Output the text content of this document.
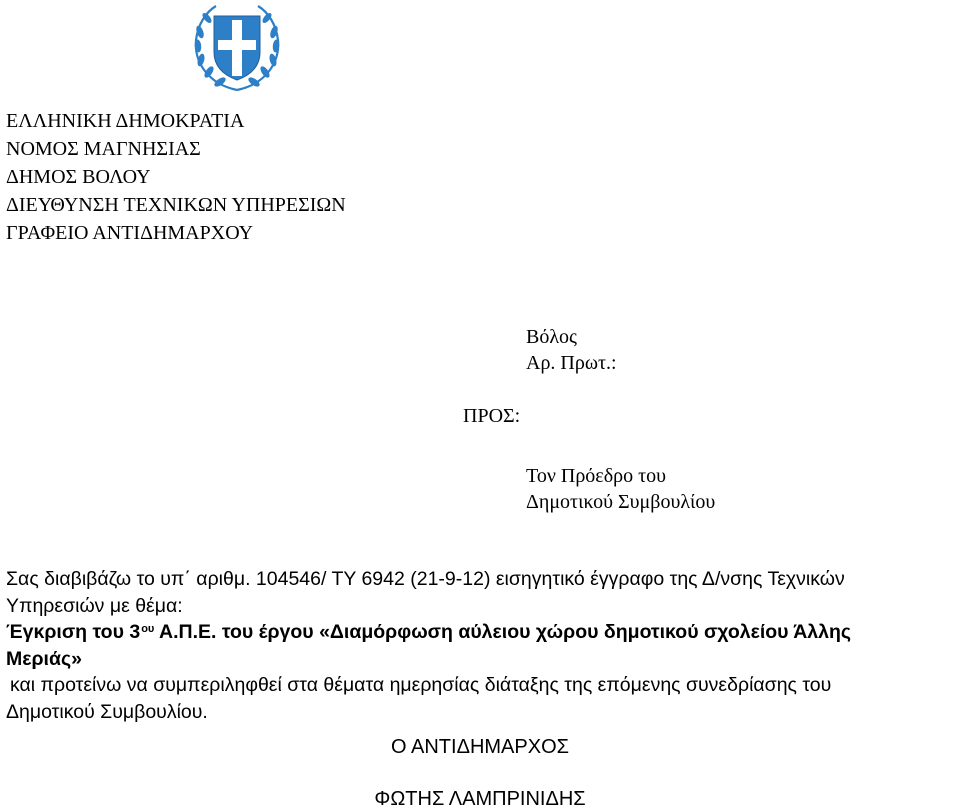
ΕΛΛΗΝΙΚΗ ΔΗΜΟΚΡΑΤΙΑ
ΝΟΜΟΣ ΜΑΓΝΗΣΙΑΣ
ΔΗΜΟΣ ΒΟΛΟΥ
ΔΙΕΥΘΥΝΣΗ ΤΕΧΝΙΚΩΝ ΥΠΗΡΕΣΙΩΝ
ΓΡΑΦΕΙΟ ΑΝΤΙΔΗΜΑΡΧΟΥ
Βόλος
Αρ. Πρωτ.:
ΠΡΟΣ:
Τον Πρόεδρο του
Δημοτικού Συμβουλίου
Σας διαβιβάζω το υπ΄ αριθμ. 104546/ ΤΥ 6942 (21-9-12) εισηγητικό έγγραφο της Δ/νσης Τεχνικών
Υπηρεσιών με θέμα:
Έγκριση του $3^{o\upsilon}$ Α.Π.Ε. του έργου «Διαμόρφωση αύλειου χώρου δημοτικού σχολείου Άλλης
Μεριάς»
και προτείνω να συμπεριληφθεί στα θέματα ημερησίας διάταξης της επόμενης συνεδρίασης του
Δημοτικού Συμβουλίου.
Ο ΑΝΤΙΔΗΜΑΡΧΟΣ
ΦΩΤΗΣ ΛΑΜΠΡΙΝΙΔΗΣ
